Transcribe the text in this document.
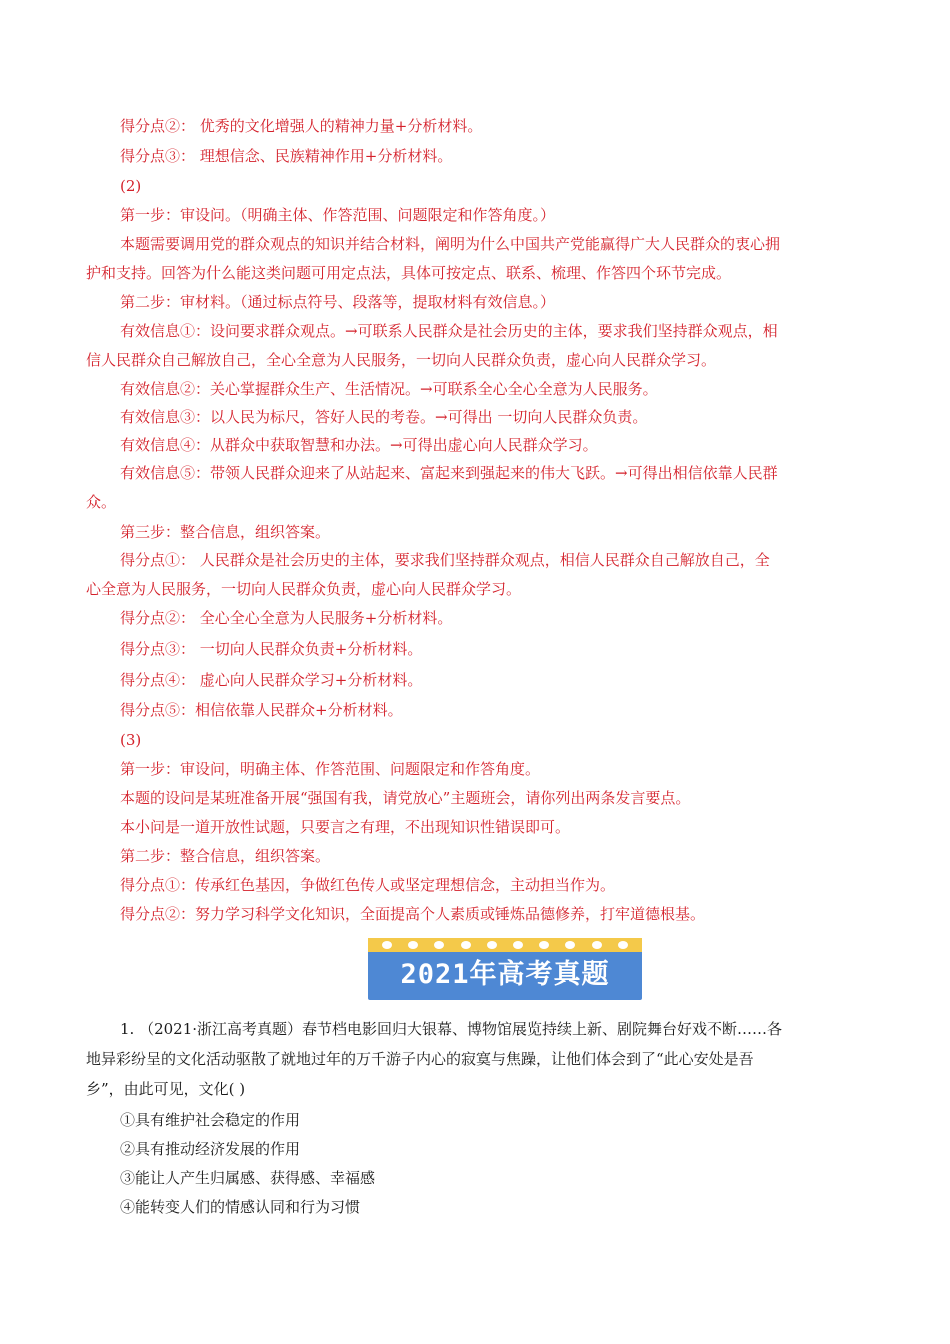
得分点②： 优秀的文化增强人的精神力量+分析材料。
得分点③： 理想信念、民族精神作用+分析材料。
(2)
第一步：审设问。（明确主体、作答范围、问题限定和作答角度。）
本题需要调用党的群众观点的知识并结合材料，阐明为什么中国共产党能赢得广大人民群众的衷心拥
护和支持。回答为什么能这类问题可用定点法，具体可按定点、联系、梳理、作答四个环节完成。
第二步：审材料。（通过标点符号、段落等，提取材料有效信息。）
有效信息①：设问要求群众观点。→可联系人民群众是社会历史的主体，要求我们坚持群众观点，相
信人民群众自己解放自己，全心全意为人民服务，一切向人民群众负责，虚心向人民群众学习。
有效信息②：关心掌握群众生产、生活情况。→可联系全心全心全意为人民服务。
有效信息③：以人民为标尺，答好人民的考卷。→可得出 一切向人民群众负责。
有效信息④：从群众中获取智慧和办法。→可得出虚心向人民群众学习。
有效信息⑤：带领人民群众迎来了从站起来、富起来到强起来的伟大飞跃。→可得出相信依靠人民群
众。
第三步：整合信息，组织答案。
得分点①： 人民群众是社会历史的主体，要求我们坚持群众观点，相信人民群众自己解放自己，全
心全意为人民服务，一切向人民群众负责，虚心向人民群众学习。
得分点②： 全心全心全意为人民服务+分析材料。
得分点③： 一切向人民群众负责+分析材料。
得分点④： 虚心向人民群众学习+分析材料。
得分点⑤：相信依靠人民群众+分析材料。
(3)
第一步：审设问，明确主体、作答范围、问题限定和作答角度。
本题的设问是某班准备开展“强国有我，请党放心”主题班会，请你列出两条发言要点。
本小问是一道开放性试题，只要言之有理，不出现知识性错误即可。
第二步：整合信息，组织答案。
得分点①：传承红色基因，争做红色传人或坚定理想信念，主动担当作为。
得分点②：努力学习科学文化知识，全面提高个人素质或锤炼品德修养，打牢道德根基。
2021年高考真题
1. （2021·浙江高考真题）春节档电影回归大银幕、博物馆展览持续上新、剧院舞台好戏不断……各
地异彩纷呈的文化活动驱散了就地过年的万千游子内心的寂寞与焦躁，让他们体会到了“此心安处是吾
乡”，由此可见，文化( )
①具有维护社会稳定的作用
②具有推动经济发展的作用
③能让人产生归属感、获得感、幸福感
④能转变人们的情感认同和行为习惯
